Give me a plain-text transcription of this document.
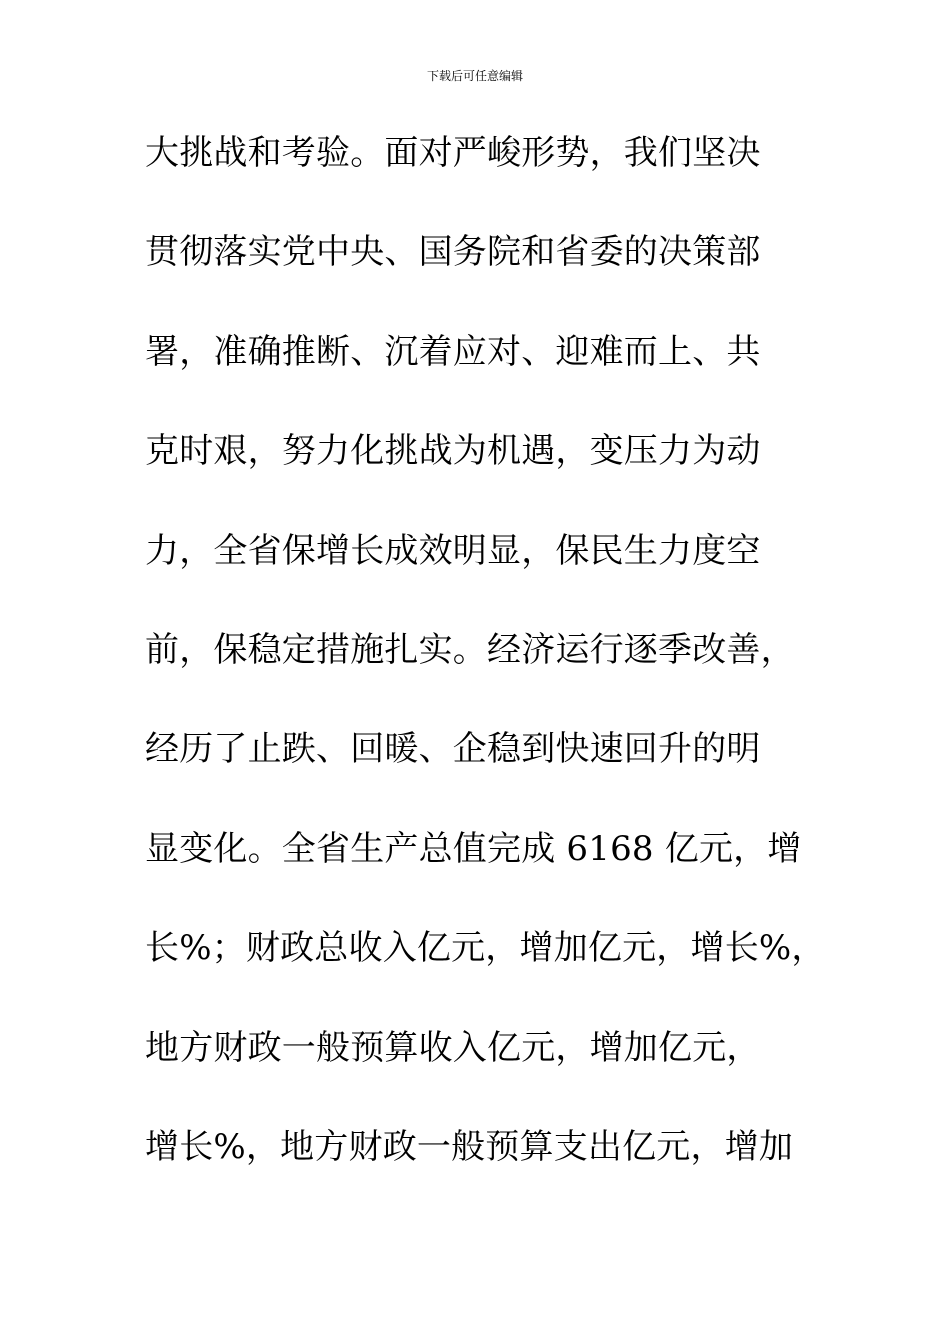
下载后可任意编辑
大挑战和考验。面对严峻形势，我们坚决
贯彻落实党中央、国务院和省委的决策部
署，准确推断、沉着应对、迎难而上、共
克时艰，努力化挑战为机遇，变压力为动
力，全省保增长成效明显，保民生力度空
前，保稳定措施扎实。经济运行逐季改善，
经历了止跌、回暖、企稳到快速回升的明
显变化。全省生产总值完成 6168 亿元，增
长%；财政总收入亿元，增加亿元，增长%，
地方财政一般预算收入亿元，增加亿元，
增长%，地方财政一般预算支出亿元，增加
